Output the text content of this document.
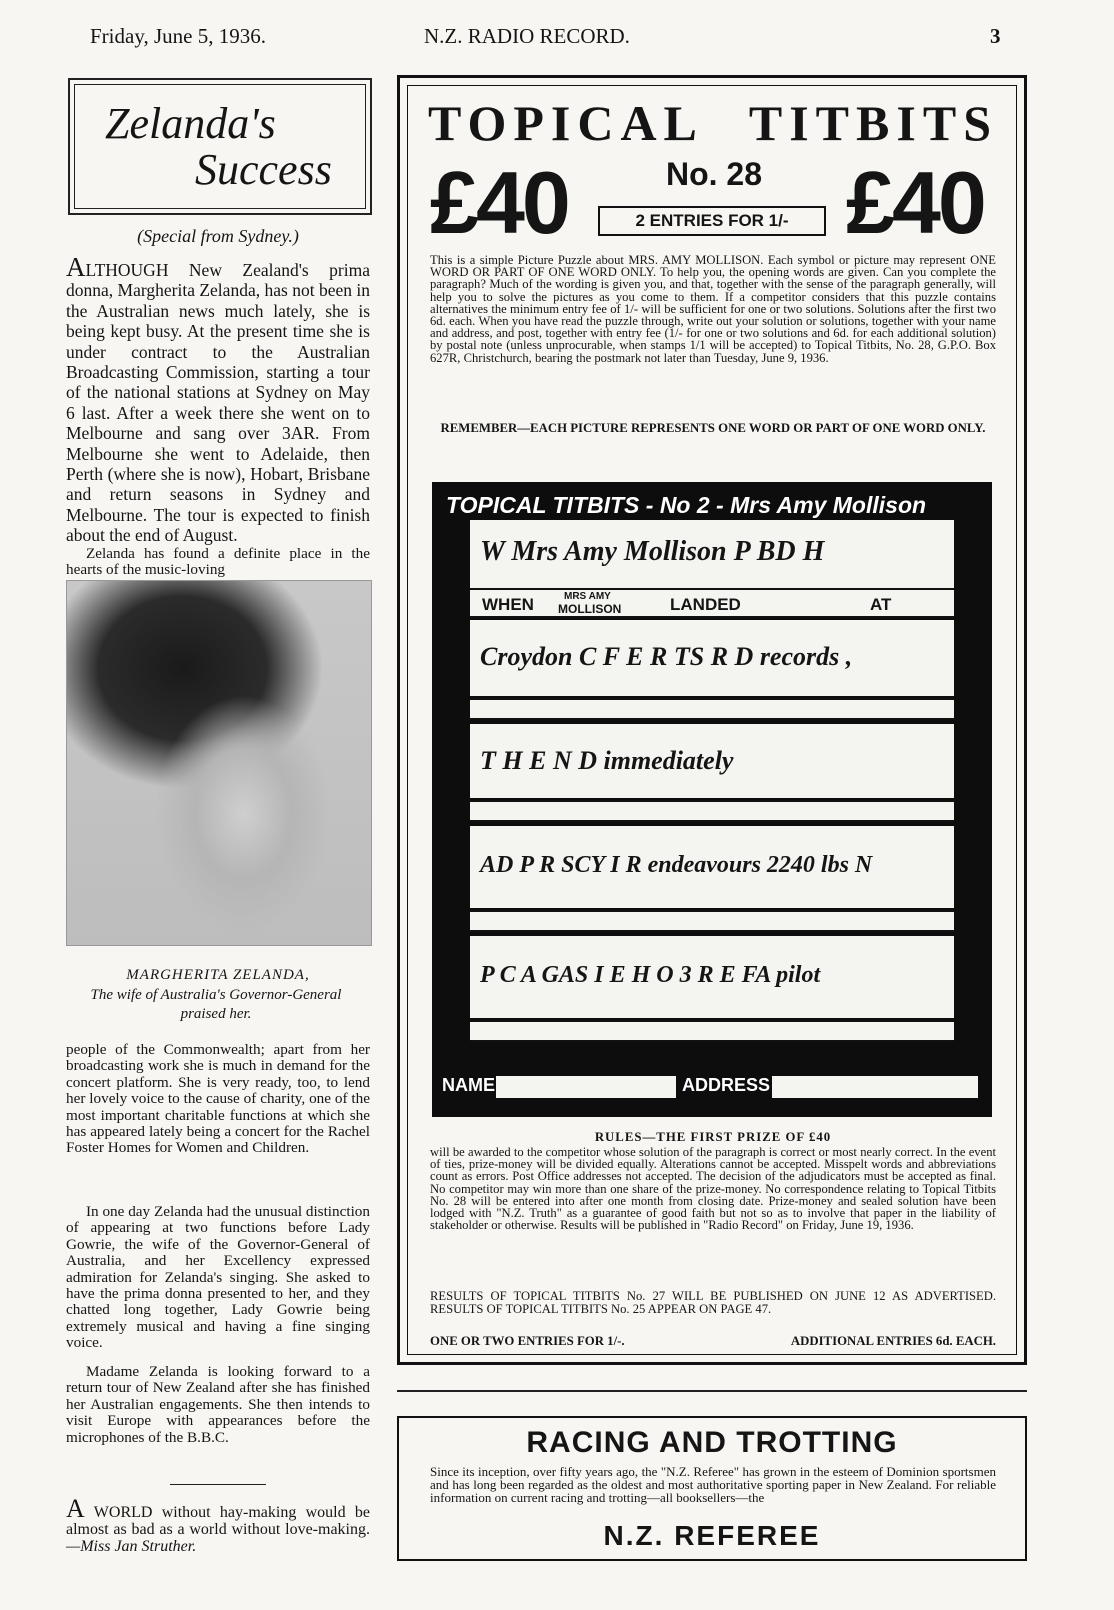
Friday, June 5, 1936.	N.Z. RADIO RECORD.	3
Zelanda's
Success
(Special from Sydney.)
ALTHOUGH New Zealand's prima donna, Margherita Zelanda, has not been in the Australian news much lately, she is being kept busy. At the present time she is under contract to the Australian Broadcasting Commission, starting a tour of the national stations at Sydney on May 6 last. After a week there she went on to Melbourne and sang over 3AR. From Melbourne she went to Adelaide, then Perth (where she is now), Hobart, Brisbane and return seasons in Sydney and Melbourne. The tour is expected to finish about the end of August.
Zelanda has found a definite place in the hearts of the music-loving
MARGHERITA ZELANDA,
The wife of Australia's Governor-General praised her.
people of the Commonwealth; apart from her broadcasting work she is much in demand for the concert platform. She is very ready, too, to lend her lovely voice to the cause of charity, one of the most important charitable functions at which she has appeared lately being a concert for the Rachel Foster Homes for Women and Children.
In one day Zelanda had the unusual distinction of appearing at two functions before Lady Gowrie, the wife of the Governor-General of Australia, and her Excellency expressed admiration for Zelanda's singing. She asked to have the prima donna presented to her, and they chatted long together, Lady Gowrie being extremely musical and having a fine singing voice.
Madame Zelanda is looking forward to a return tour of New Zealand after she has finished her Australian engagements. She then intends to visit Europe with appearances before the microphones of the B.B.C.
A WORLD without hay-making would be almost as bad as a world without love-making. —Miss Jan Struther.
TOPICAL TITBITS
£40	£40
No. 28
2 ENTRIES FOR 1/-
This is a simple Picture Puzzle about MRS. AMY MOLLISON. Each symbol or picture may represent ONE WORD OR PART OF ONE WORD ONLY. To help you, the opening words are given. Can you complete the paragraph? Much of the wording is given you, and that, together with the sense of the paragraph generally, will help you to solve the pictures as you come to them. If a competitor considers that this puzzle contains alternatives the minimum entry fee of 1/- will be sufficient for one or two solutions. Solutions after the first two 6d. each. When you have read the puzzle through, write out your solution or solutions, together with your name and address, and post, together with entry fee (1/- for one or two solutions and 6d. for each additional solution) by postal note (unless unprocurable, when stamps 1/1 will be accepted) to Topical Titbits, No. 28, G.P.O. Box 627R, Christchurch, bearing the postmark not later than Tuesday, June 9, 1936.
REMEMBER—EACH PICTURE REPRESENTS ONE WORD OR PART OF ONE WORD ONLY.
TOPICAL TITBITS - No 2 - Mrs Amy Mollison
W Mrs Amy Mollison P BD H
WHEN	MRS AMY
MOLLISON	LANDED	AT
Croydon C F E R TS R D records ,
T H E N D immediately
AD P R SCY I R endeavours 2240 lbs N
P C A GAS I E H O 3 R E FA pilot
NAME	ADDRESS
RULES—THE FIRST PRIZE OF £40
will be awarded to the competitor whose solution of the paragraph is correct or most nearly correct. In the event of ties, prize-money will be divided equally. Alterations cannot be accepted. Misspelt words and abbreviations count as errors. Post Office addresses not accepted. The decision of the adjudicators must be accepted as final. No competitor may win more than one share of the prize-money. No correspondence relating to Topical Titbits No. 28 will be entered into after one month from closing date. Prize-money and sealed solution have been lodged with "N.Z. Truth" as a guarantee of good faith but not so as to involve that paper in the liability of stakeholder or otherwise. Results will be published in "Radio Record" on Friday, June 19, 1936.
RESULTS OF TOPICAL TITBITS No. 27 WILL BE PUBLISHED ON JUNE 12 AS ADVERTISED. RESULTS OF TOPICAL TITBITS No. 25 APPEAR ON PAGE 47.
ONE OR TWO ENTRIES FOR 1/-.	ADDITIONAL ENTRIES 6d. EACH.
RACING AND TROTTING
Since its inception, over fifty years ago, the "N.Z. Referee" has grown in the esteem of Dominion sportsmen and has long been regarded as the oldest and most authoritative sporting paper in New Zealand. For reliable information on current racing and trotting—all booksellers—the
N.Z. REFEREE
